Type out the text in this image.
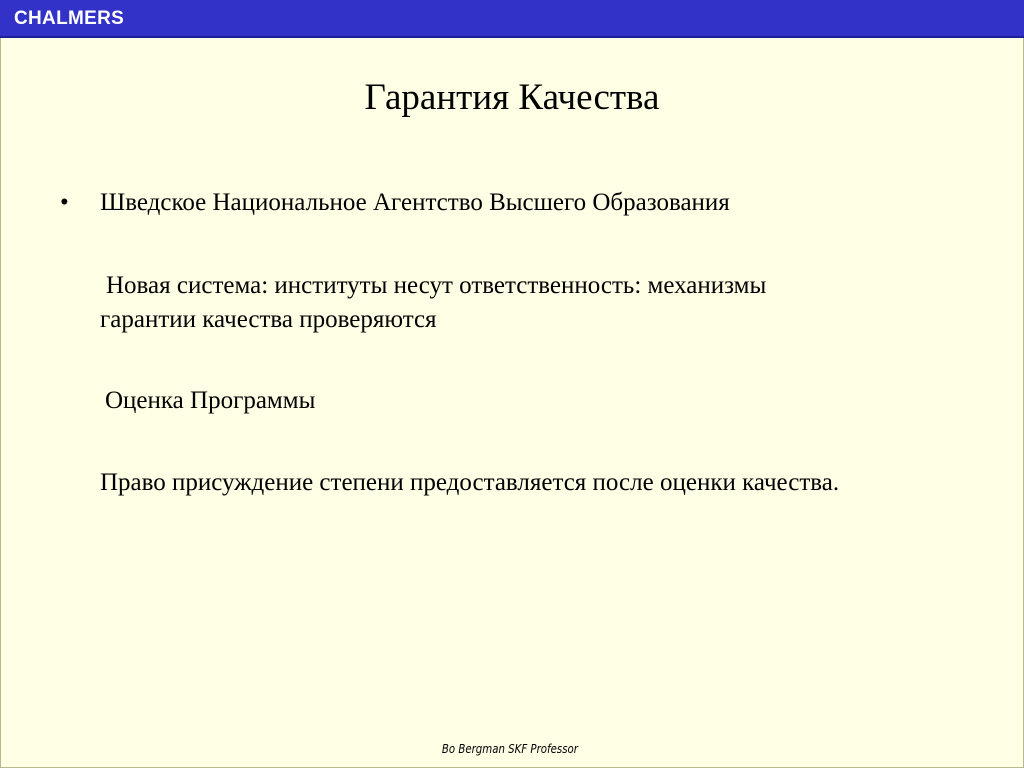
CHALMERS
Гарантия Качества
• Шведское Национальное Агентство Высшего Образования
Новая система: институты несут ответственность: механизмы
гарантии качества проверяются
Оценка Программы
Право присуждение степени предоставляется после оценки качества.
Bo Bergman SKF Professor
